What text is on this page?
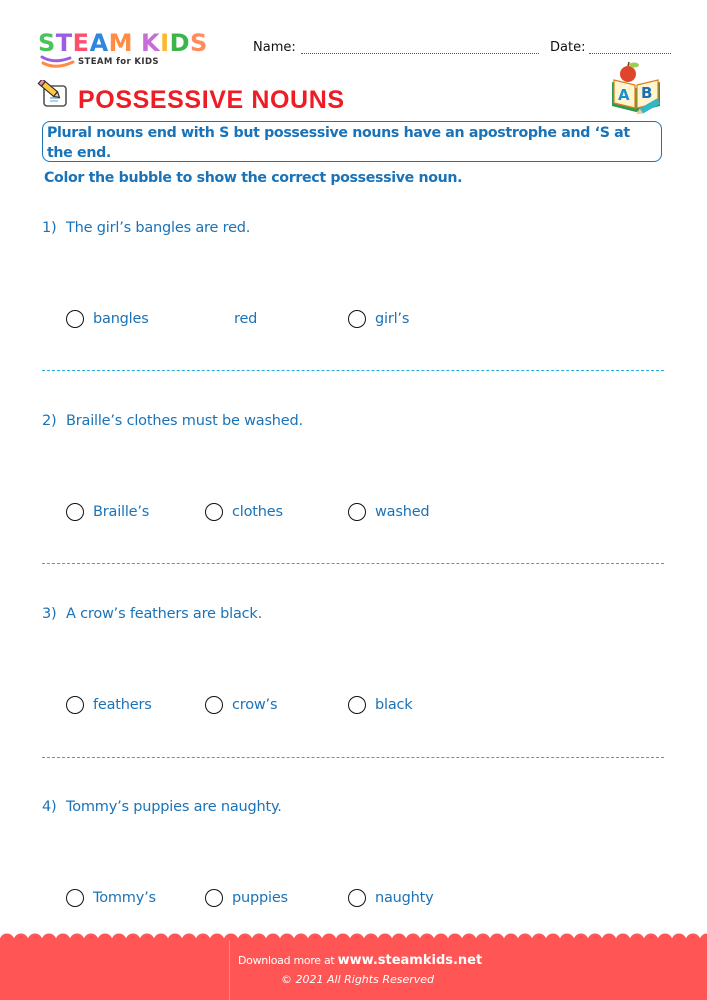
STEAM KIDS
STEAM for KIDS
Name:	Date:
POSSESSIVE NOUNS	A B
Plural nouns end with S but possessive nouns have an apostrophe and ‘S at
the end.
Color the bubble to show the correct possessive noun.
1) The girl’s bangles are red.
bangles	red	girl’s
2) Braille’s clothes must be washed.
Braille’s	clothes	washed
3) A crow’s feathers are black.
feathers	crow’s	black
4) Tommy’s puppies are naughty.
Tommy’s	puppies	naughty
Download more at www.steamkids.net
© 2021 All Rights Reserved
